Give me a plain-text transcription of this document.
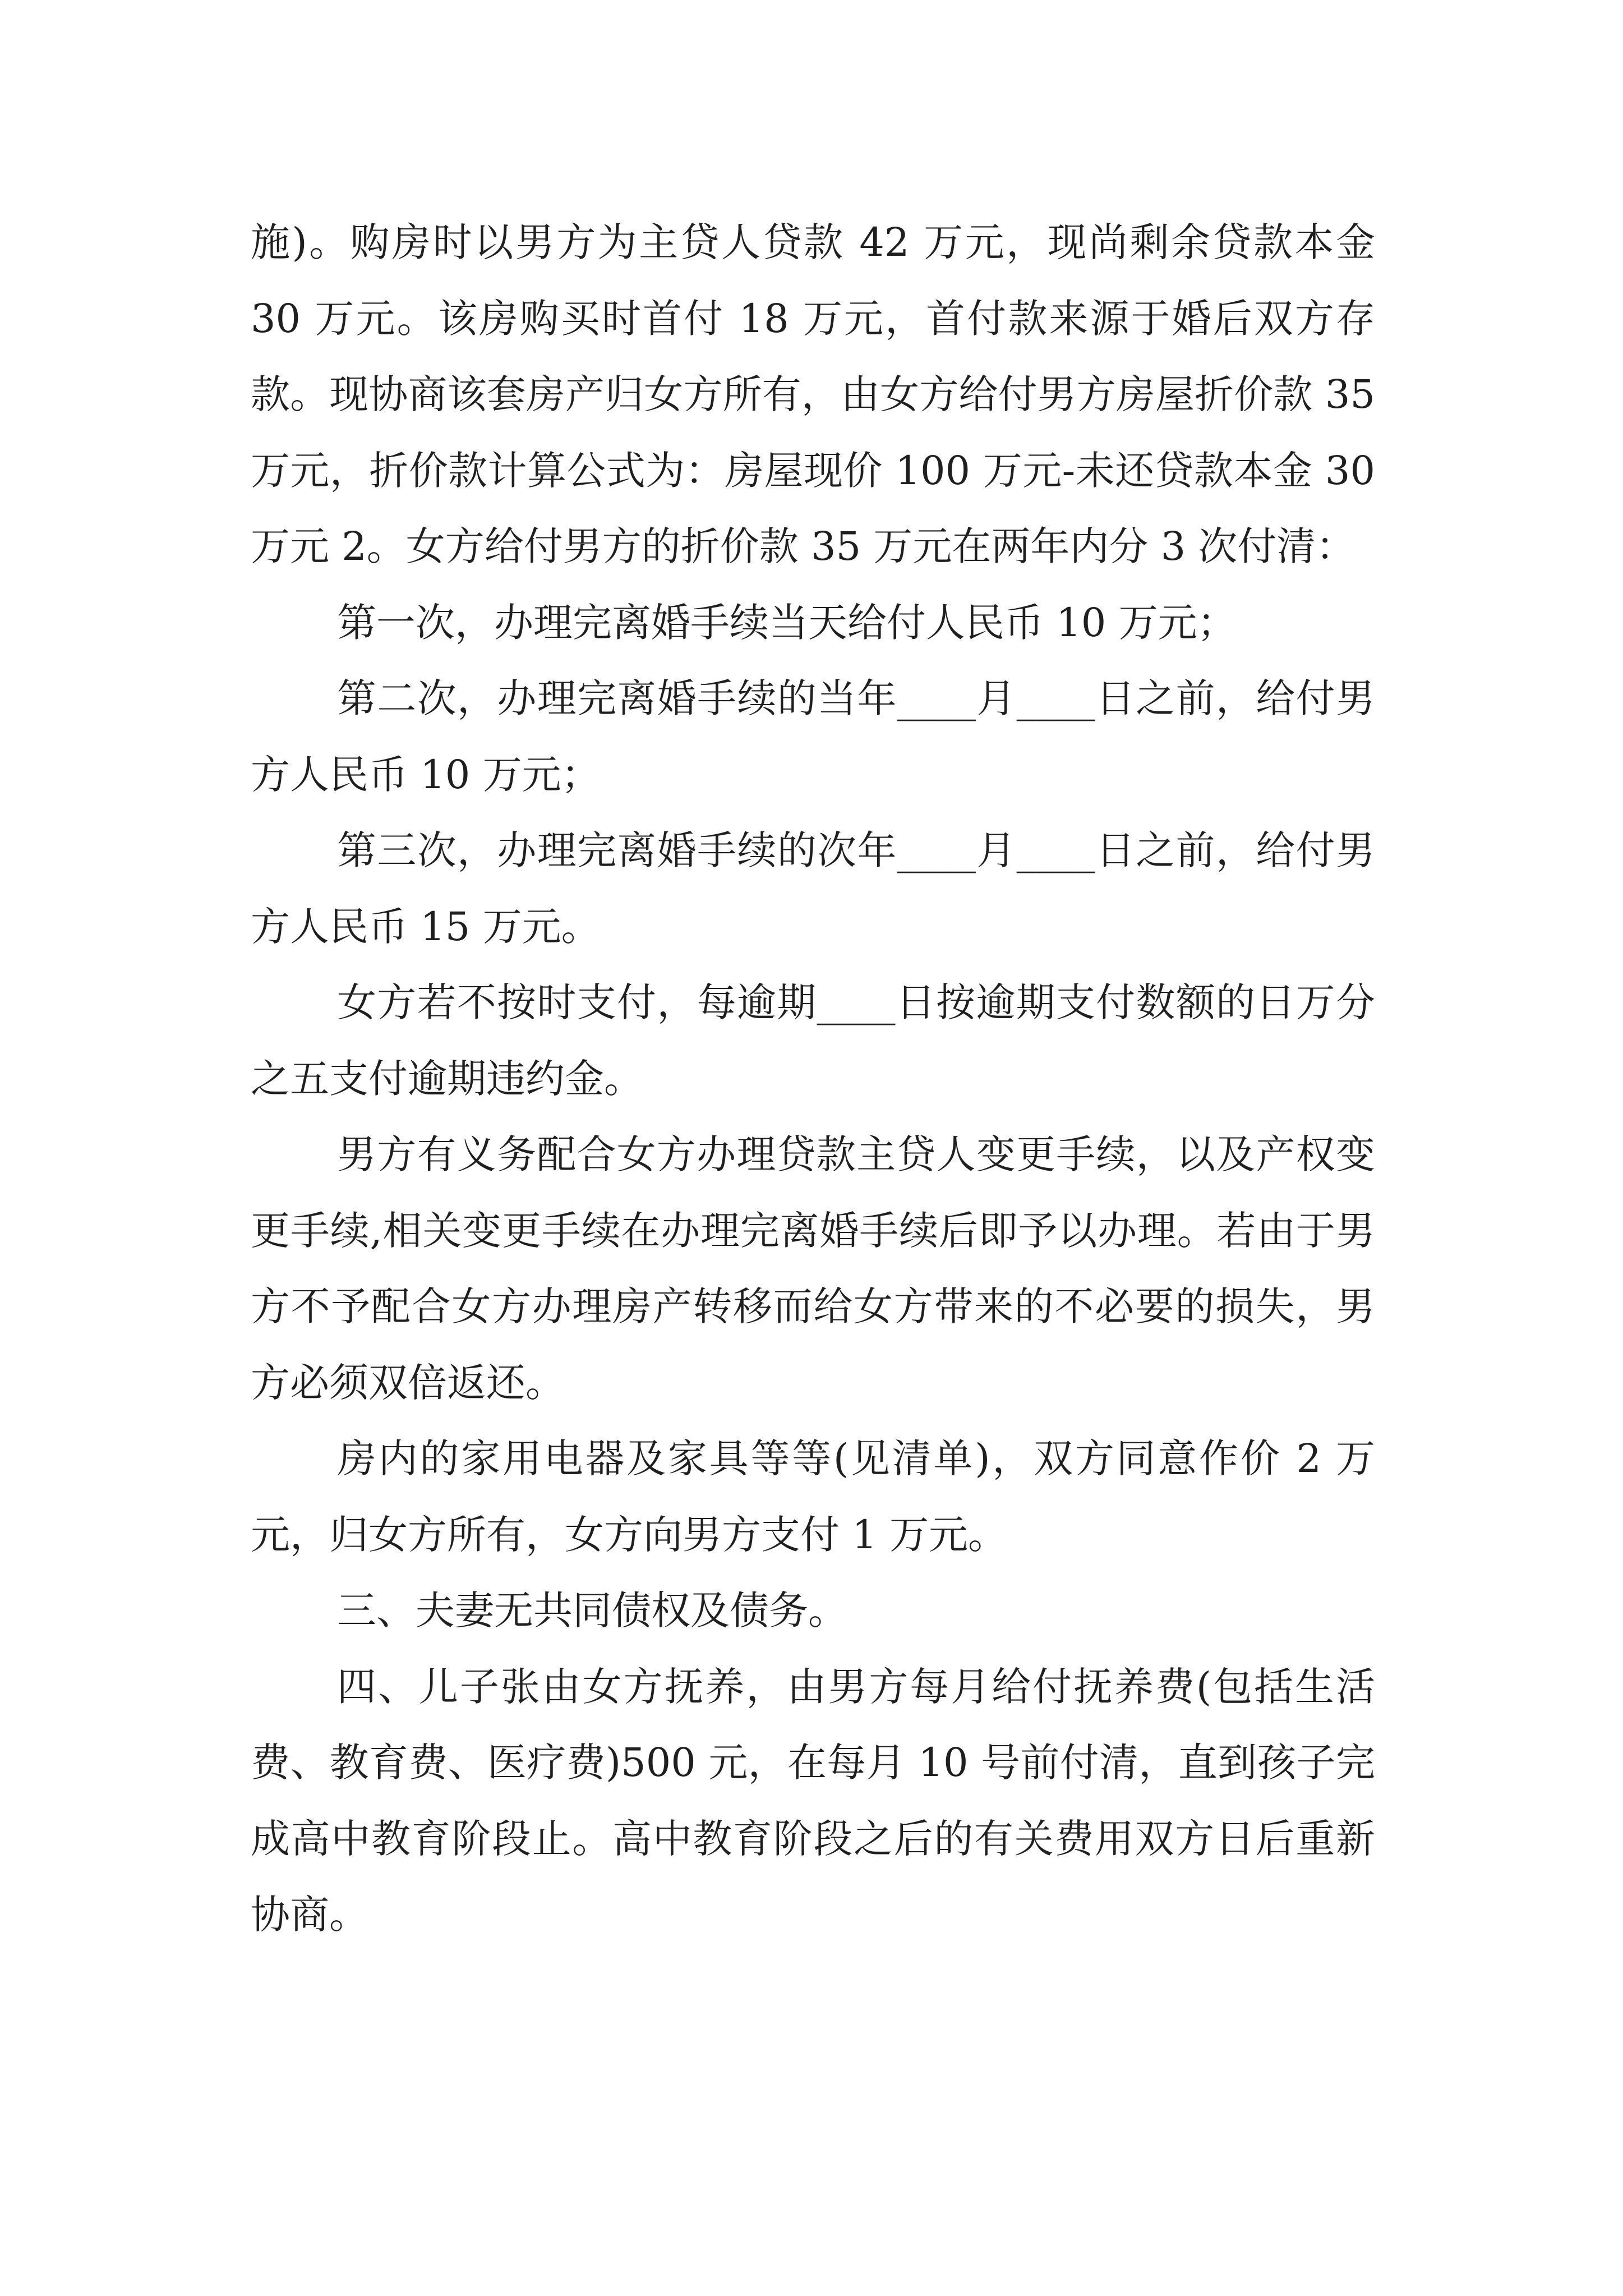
施)。购房时以男方为主贷人贷款 42 万元，现尚剩余贷款本金 30 万元。该房购买时首付 18 万元，首付款来源于婚后双方存款。现协商该套房产归女方所有，由女方给付男方房屋折价款 35 万元，折价款计算公式为：房屋现价 100 万元-未还贷款本金 30 万元 2。女方给付男方的折价款 35 万元在两年内分 3 次付清：

第一次，办理完离婚手续当天给付人民币 10 万元；

第二次，办理完离婚手续的当年____月____日之前，给付男方人民币 10 万元；

第三次，办理完离婚手续的次年____月____日之前，给付男方人民币 15 万元。

女方若不按时支付，每逾期____日按逾期支付数额的日万分之五支付逾期违约金。

男方有义务配合女方办理贷款主贷人变更手续，以及产权变更手续,相关变更手续在办理完离婚手续后即予以办理。若由于男方不予配合女方办理房产转移而给女方带来的不必要的损失，男方必须双倍返还。

房内的家用电器及家具等等(见清单)，双方同意作价 2 万元，归女方所有，女方向男方支付 1 万元。

三、夫妻无共同债权及债务。

四、儿子张由女方抚养，由男方每月给付抚养费(包括生活费、教育费、医疗费)500 元，在每月 10 号前付清，直到孩子完成高中教育阶段止。高中教育阶段之后的有关费用双方日后重新协商。
